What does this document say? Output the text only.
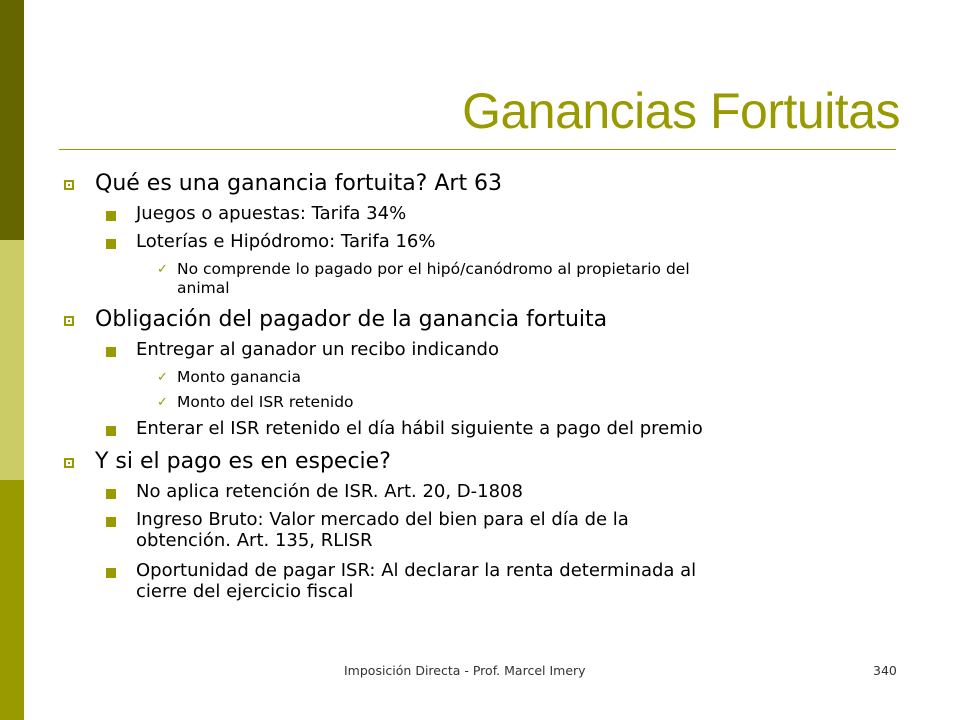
Ganancias Fortuitas
Qué es una ganancia fortuita? Art 63
Juegos o apuestas: Tarifa 34%
Loterías e Hipódromo: Tarifa 16%
✓ No comprende lo pagado por el hipó/canódromo al propietario del
animal
Obligación del pagador de la ganancia fortuita
Entregar al ganador un recibo indicando
✓ Monto ganancia
✓ Monto del ISR retenido
Enterar el ISR retenido el día hábil siguiente a pago del premio
Y si el pago es en especie?
No aplica retención de ISR. Art. 20, D-1808
Ingreso Bruto: Valor mercado del bien para el día de la
obtención. Art. 135, RLISR
Oportunidad de pagar ISR: Al declarar la renta determinada al
cierre del ejercicio fiscal
Imposición Directa - Prof. Marcel Imery	340
